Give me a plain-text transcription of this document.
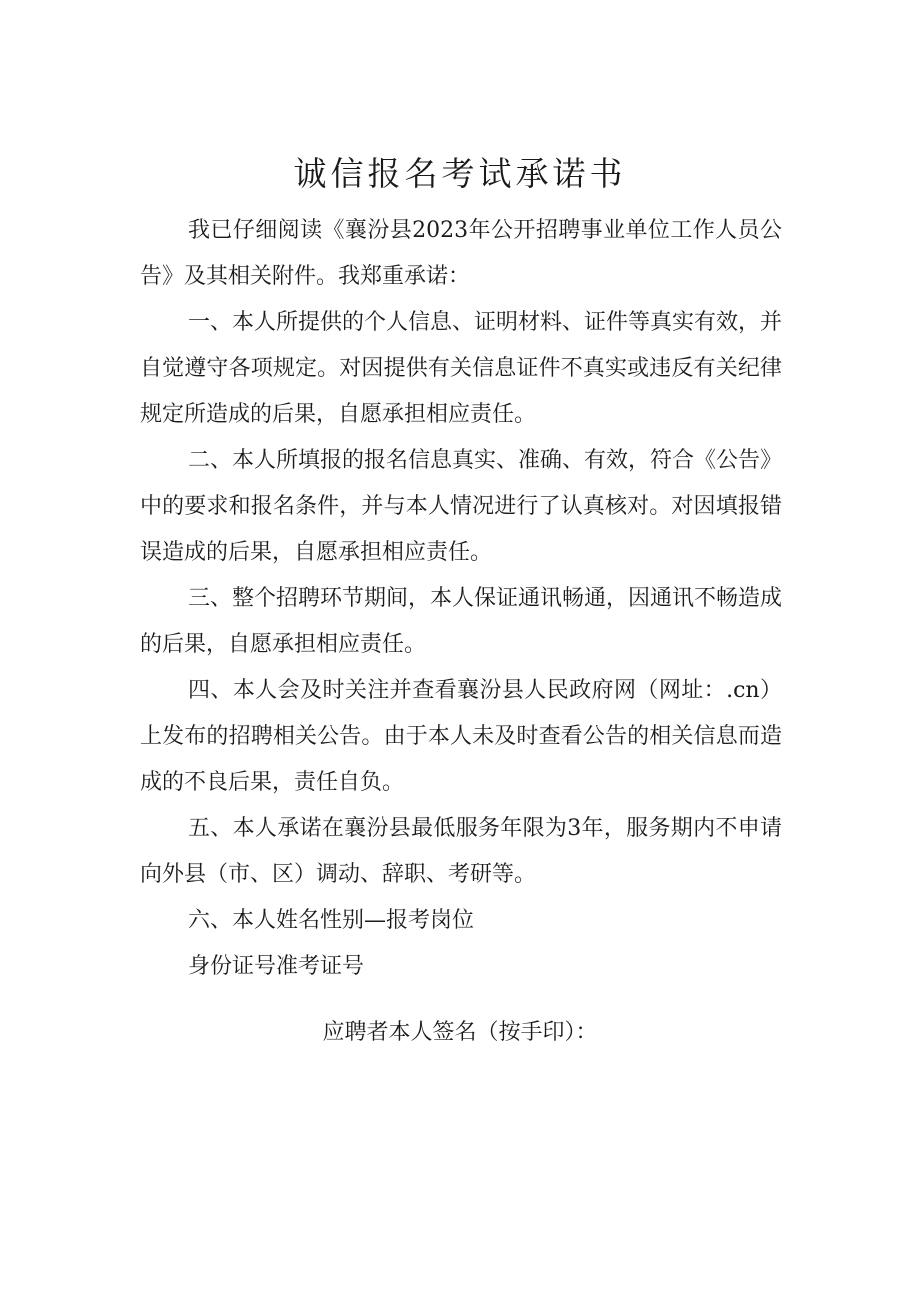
诚信报名考试承诺书

我已仔细阅读《襄汾县2023年公开招聘事业单位工作人员公告》及其相关附件。我郑重承诺：

一、本人所提供的个人信息、证明材料、证件等真实有效，并自觉遵守各项规定。对因提供有关信息证件不真实或违反有关纪律规定所造成的后果，自愿承担相应责任。

二、本人所填报的报名信息真实、准确、有效，符合《公告》中的要求和报名条件，并与本人情况进行了认真核对。对因填报错误造成的后果，自愿承担相应责任。

三、整个招聘环节期间，本人保证通讯畅通，因通讯不畅造成的后果，自愿承担相应责任。

四、本人会及时关注并查看襄汾县人民政府网（网址：.cn）上发布的招聘相关公告。由于本人未及时查看公告的相关信息而造成的不良后果，责任自负。

五、本人承诺在襄汾县最低服务年限为3年，服务期内不申请向外县（市、区）调动、辞职、考研等。

六、本人姓名性别—报考岗位

身份证号准考证号

应聘者本人签名（按手印）：
